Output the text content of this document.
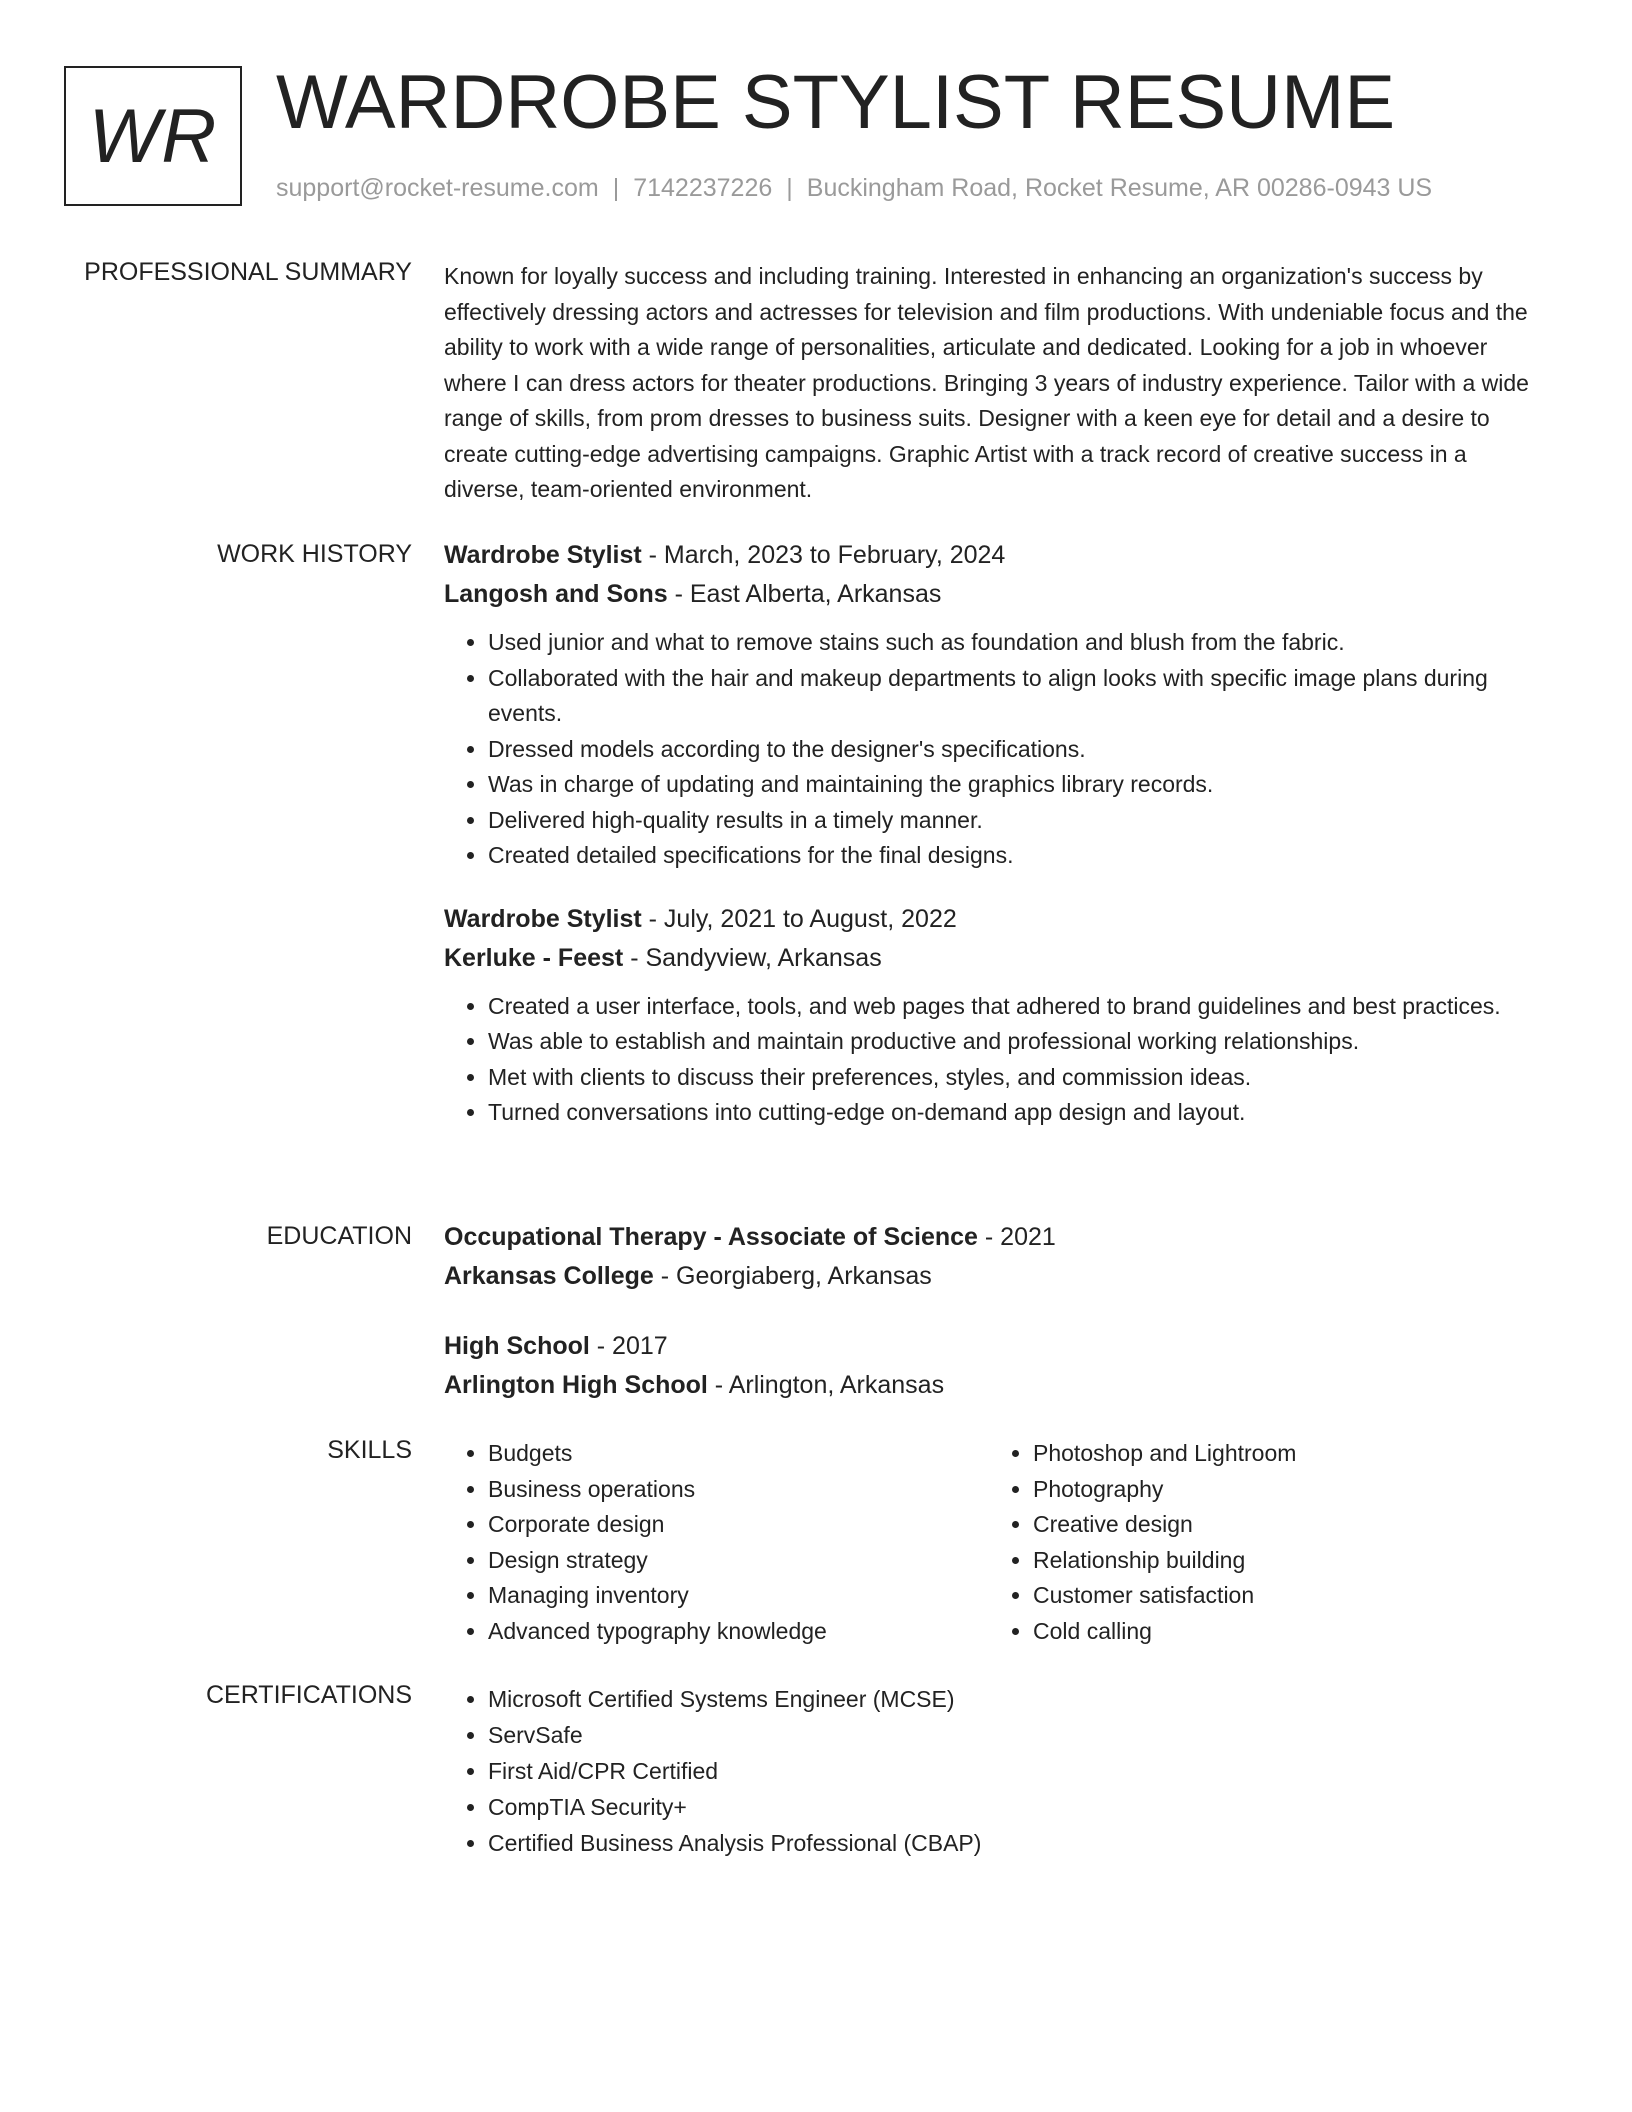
WR WARDROBE STYLIST RESUME
support@rocket-resume.com | 7142237226 | Buckingham Road, Rocket Resume, AR 00286-0943 US
PROFESSIONAL SUMMARY Known for loyally success and including training. Interested in enhancing an organization's success by effectively dressing actors and actresses for television and film productions. With undeniable focus and the ability to work with a wide range of personalities, articulate and dedicated. Looking for a job in whoever where I can dress actors for theater productions. Bringing 3 years of industry experience. Tailor with a wide range of skills, from prom dresses to business suits. Designer with a keen eye for detail and a desire to create cutting-edge advertising campaigns. Graphic Artist with a track record of creative success in a diverse, team-oriented environment.

WORK HISTORY Wardrobe Stylist - March, 2023 to February, 2024
Langosh and Sons - East Alberta, Arkansas
• Used junior and what to remove stains such as foundation and blush from the fabric.
• Collaborated with the hair and makeup departments to align looks with specific image plans during events.
• Dressed models according to the designer's specifications.
• Was in charge of updating and maintaining the graphics library records.
• Delivered high-quality results in a timely manner.
• Created detailed specifications for the final designs.
Wardrobe Stylist - July, 2021 to August, 2022
Kerluke - Feest - Sandyview, Arkansas
• Created a user interface, tools, and web pages that adhered to brand guidelines and best practices.
• Was able to establish and maintain productive and professional working relationships.
• Met with clients to discuss their preferences, styles, and commission ideas.
• Turned conversations into cutting-edge on-demand app design and layout.
EDUCATION Occupational Therapy - Associate of Science - 2021
Arkansas College - Georgiaberg, Arkansas
High School - 2017
Arlington High School - Arlington, Arkansas
SKILLS	• Budgets
• Business operations
• Corporate design
• Design strategy
• Managing inventory
• Advanced typography knowledge
• Photoshop and Lightroom
• Photography
• Creative design
• Relationship building
• Customer satisfaction
• Cold calling
CERTIFICATIONS	• Microsoft Certified Systems Engineer (MCSE)
• ServSafe
• First Aid/CPR Certified
• CompTIA Security+
• Certified Business Analysis Professional (CBAP)
